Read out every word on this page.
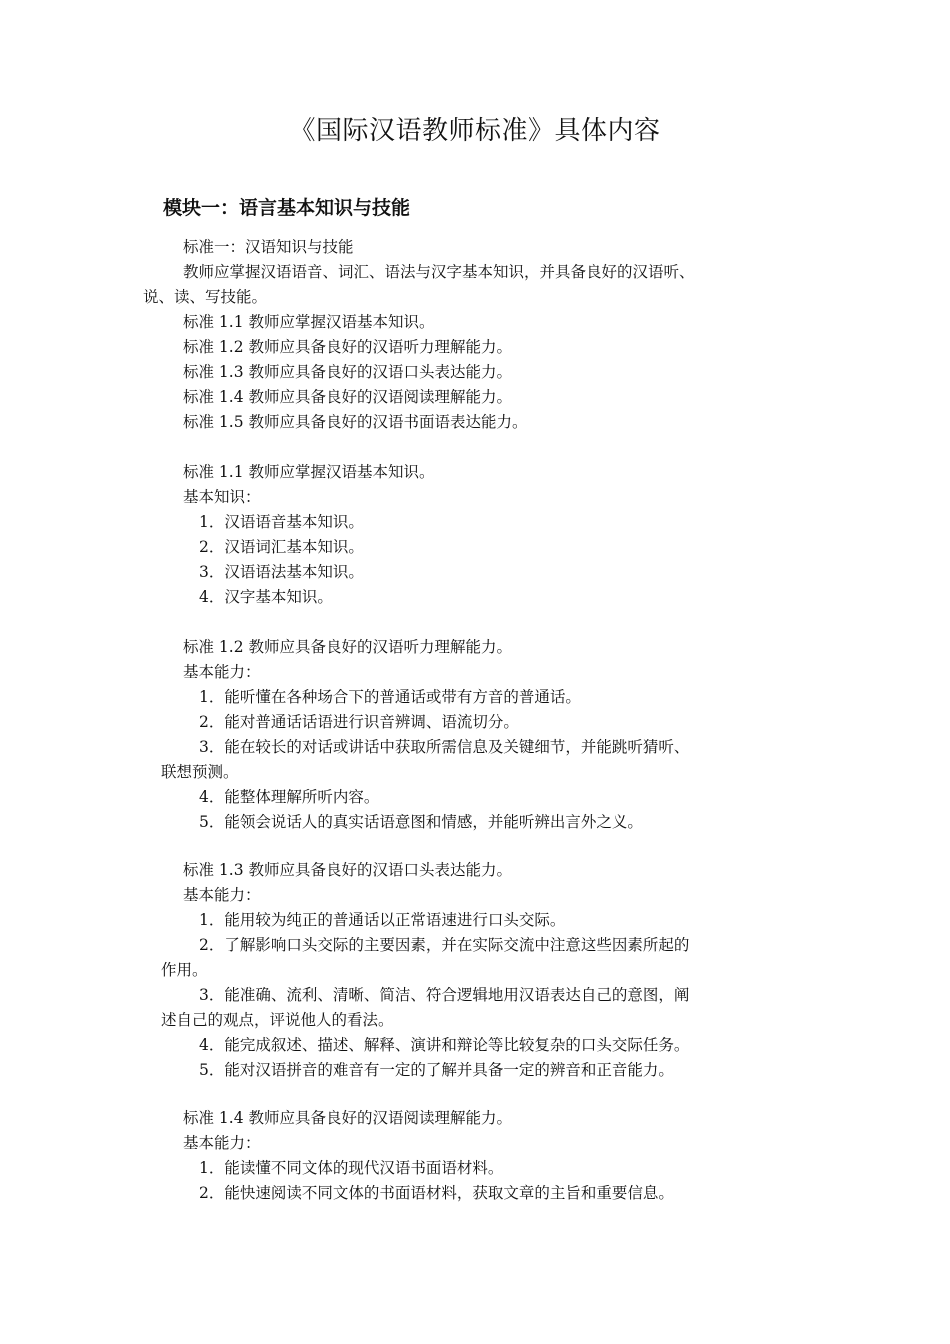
《国际汉语教师标准》具体内容
模块一：语言基本知识与技能
标准一：汉语知识与技能
教师应掌握汉语语音、词汇、语法与汉字基本知识，并具备良好的汉语听、
说、读、写技能。
标准 1.1 教师应掌握汉语基本知识。
标准 1.2 教师应具备良好的汉语听力理解能力。
标准 1.3 教师应具备良好的汉语口头表达能力。
标准 1.4 教师应具备良好的汉语阅读理解能力。
标准 1.5 教师应具备良好的汉语书面语表达能力。
标准 1.1 教师应掌握汉语基本知识。
基本知识：
1．汉语语音基本知识。
2．汉语词汇基本知识。
3．汉语语法基本知识。
4．汉字基本知识。
标准 1.2 教师应具备良好的汉语听力理解能力。
基本能力：
1．能听懂在各种场合下的普通话或带有方音的普通话。
2．能对普通话话语进行识音辨调、语流切分。
3．能在较长的对话或讲话中获取所需信息及关键细节，并能跳听猜听、
联想预测。
4．能整体理解所听内容。
5．能领会说话人的真实话语意图和情感，并能听辨出言外之义。
标准 1.3 教师应具备良好的汉语口头表达能力。
基本能力：
1．能用较为纯正的普通话以正常语速进行口头交际。
2．了解影响口头交际的主要因素，并在实际交流中注意这些因素所起的
作用。
3．能准确、流利、清晰、简洁、符合逻辑地用汉语表达自己的意图，阐
述自己的观点，评说他人的看法。
4．能完成叙述、描述、解释、演讲和辩论等比较复杂的口头交际任务。
5．能对汉语拼音的难音有一定的了解并具备一定的辨音和正音能力。
标准 1.4 教师应具备良好的汉语阅读理解能力。
基本能力：
1．能读懂不同文体的现代汉语书面语材料。
2．能快速阅读不同文体的书面语材料，获取文章的主旨和重要信息。
